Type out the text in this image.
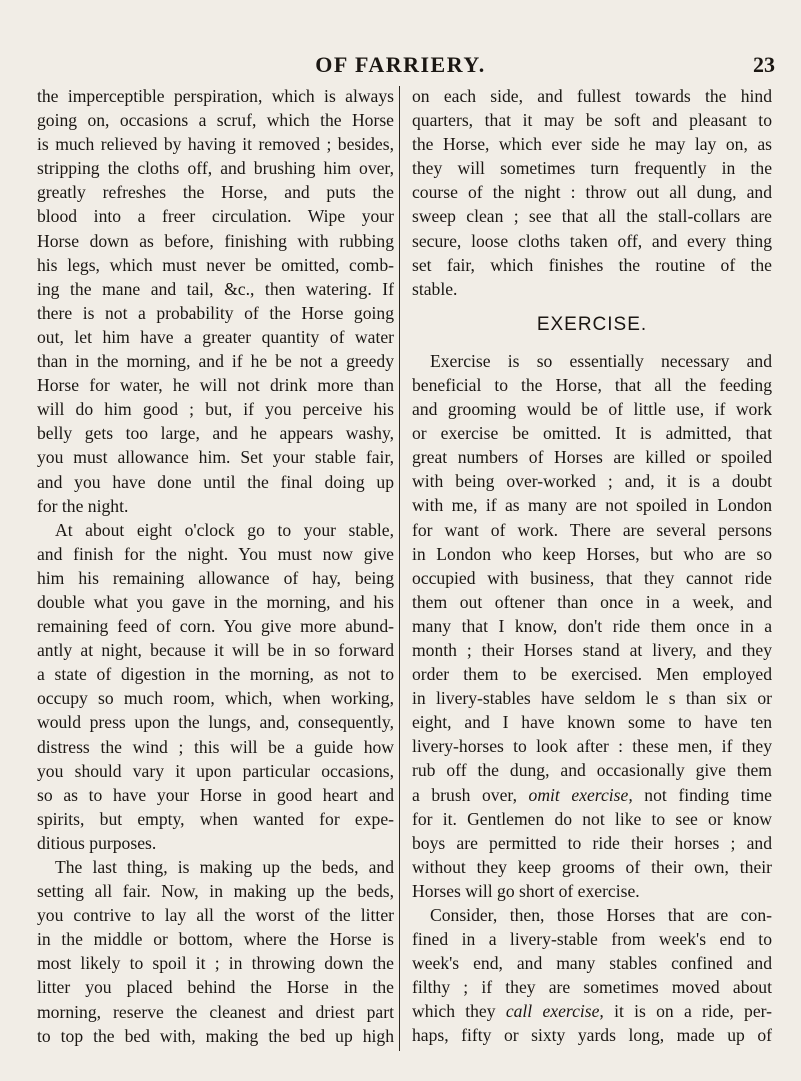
OF FARRIERY.	23
the imperceptible perspiration, which is always
going on, occasions a scruf, which the Horse
is much relieved by having it removed ; besides,
stripping the cloths off, and brushing him over,
greatly refreshes the Horse, and puts the
blood into a freer circulation. Wipe your
Horse down as before, finishing with rubbing
his legs, which must never be omitted, comb-
ing the mane and tail, &c., then watering. If
there is not a probability of the Horse going
out, let him have a greater quantity of water
than in the morning, and if he be not a greedy
Horse for water, he will not drink more than
will do him good ; but, if you perceive his
belly gets too large, and he appears washy,
you must allowance him. Set your stable fair,
and you have done until the final doing up
for the night.
At about eight o'clock go to your stable,
and finish for the night. You must now give
him his remaining allowance of hay, being
double what you gave in the morning, and his
remaining feed of corn. You give more abund-
antly at night, because it will be in so forward
a state of digestion in the morning, as not to
occupy so much room, which, when working,
would press upon the lungs, and, consequently,
distress the wind ; this will be a guide how
you should vary it upon particular occasions,
so as to have your Horse in good heart and
spirits, but empty, when wanted for expe-
ditious purposes.
The last thing, is making up the beds, and
setting all fair. Now, in making up the beds,
you contrive to lay all the worst of the litter
in the middle or bottom, where the Horse is
most likely to spoil it ; in throwing down the
litter you placed behind the Horse in the
morning, reserve the cleanest and driest part
to top the bed with, making the bed up high
on each side, and fullest towards the hind
quarters, that it may be soft and pleasant to
the Horse, which ever side he may lay on, as
they will sometimes turn frequently in the
course of the night : throw out all dung, and
sweep clean ; see that all the stall-collars are
secure, loose cloths taken off, and every thing
set fair, which finishes the routine of the
stable.
EXERCISE.
Exercise is so essentially necessary and
beneficial to the Horse, that all the feeding
and grooming would be of little use, if work
or exercise be omitted. It is admitted, that
great numbers of Horses are killed or spoiled
with being over-worked ; and, it is a doubt
with me, if as many are not spoiled in London
for want of work. There are several persons
in London who keep Horses, but who are so
occupied with business, that they cannot ride
them out oftener than once in a week, and
many that I know, don't ride them once in a
month ; their Horses stand at livery, and they
order them to be exercised. Men employed
in livery-stables have seldom le s than six or
eight, and I have known some to have ten
livery-horses to look after : these men, if they
rub off the dung, and occasionally give them
a brush over, omit exercise, not finding time
for it. Gentlemen do not like to see or know
boys are permitted to ride their horses ; and
without they keep grooms of their own, their
Horses will go short of exercise.
Consider, then, those Horses that are con-
fined in a livery-stable from week's end to
week's end, and many stables confined and
filthy ; if they are sometimes moved about
which they call exercise, it is on a ride, per-
haps, fifty or sixty yards long, made up of
